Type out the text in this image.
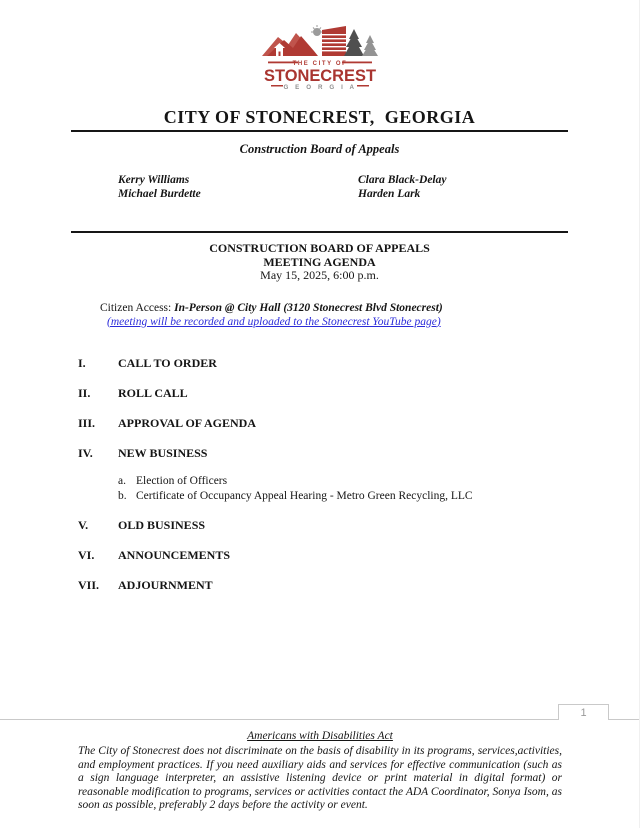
THE CITY OF
STONECREST
G E O R G I A
CITY OF STONECREST,  GEORGIA
Construction Board of Appeals
Kerry Williams
Michael Burdette
Clara Black-Delay
Harden Lark
CONSTRUCTION BOARD OF APPEALS
MEETING AGENDA
May 15, 2025, 6:00 p.m.
Citizen Access: In-Person @ City Hall (3120 Stonecrest Blvd Stonecrest)
(meeting will be recorded and uploaded to the Stonecrest YouTube page)
I.	CALL TO ORDER
II.	ROLL CALL
III.	APPROVAL OF AGENDA
IV.	NEW BUSINESS
a. Election of Officers
b. Certificate of Occupancy Appeal Hearing - Metro Green Recycling, LLC
V.	OLD BUSINESS
VI.	ANNOUNCEMENTS
VII.	ADJOURNMENT
1
Americans with Disabilities Act
The City of Stonecrest does not discriminate on the basis of disability in its programs, services,activities, and employment practices. If you need auxiliary aids and services for effective communication (such as a sign language interpreter, an assistive listening device or print material in digital format) or reasonable modification to programs, services or activities contact the ADA Coordinator, Sonya Isom, as soon as possible, preferably 2 days before the activity or event.
